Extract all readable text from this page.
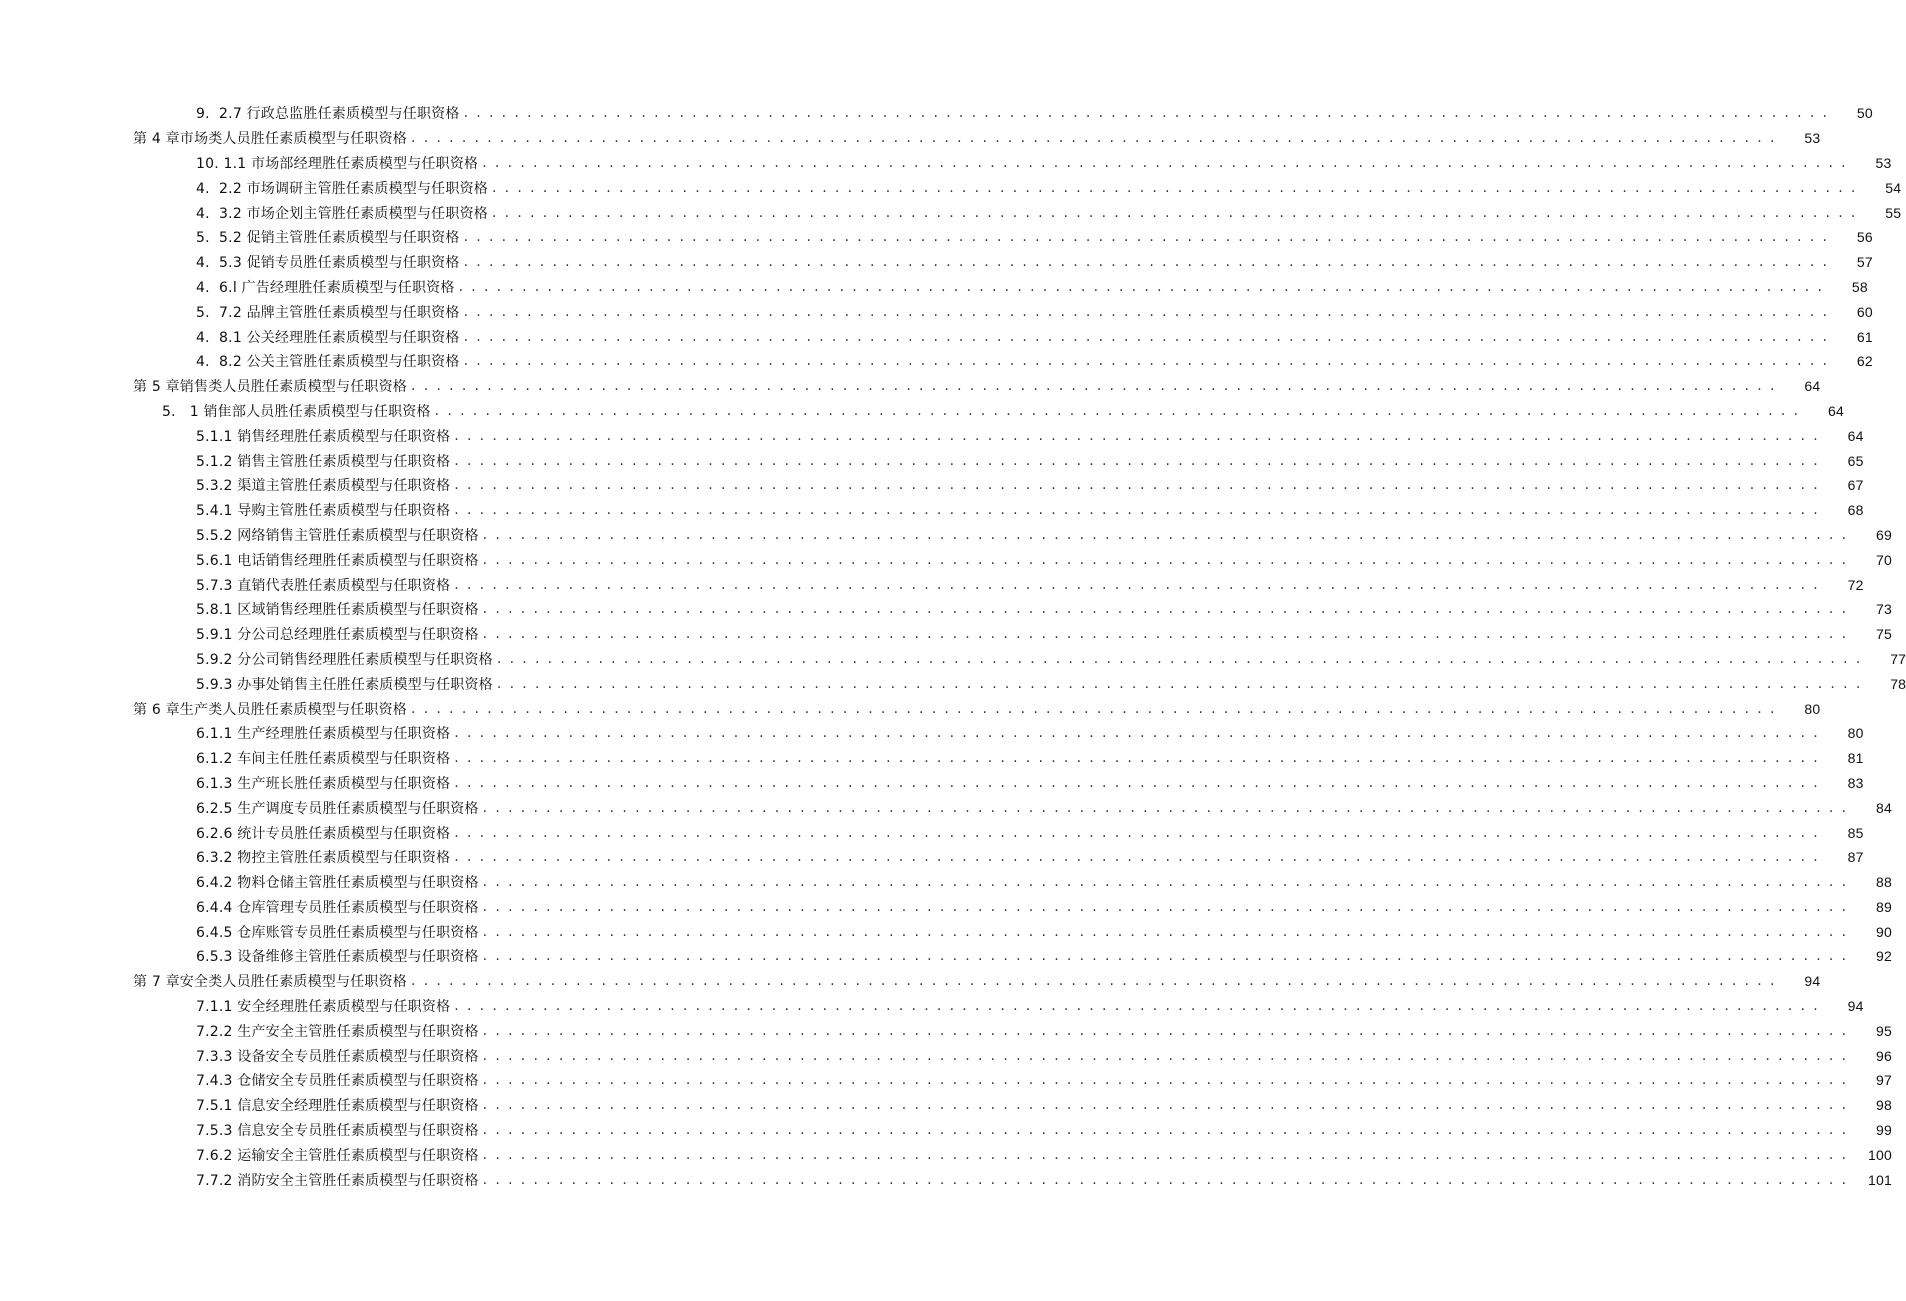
9.  2.7 行政总监胜任素质模型与任职资格 . . . . . . . . . . . . . . . . . . . . . . . . . . . . . . . . . . . . . . . . . . . . . . . . . . . . . . . . . . . . . . . . . . . . . . . . . . . . . . . . . . . . . . . . . . . . . . . . . . . . . . . . . . . .	50
第 4 章市场类人员胜任素质模型与任职资格 . . . . . . . . . . . . . . . . . . . . . . . . . . . . . . . . . . . . . . . . . . . . . . . . . . . . . . . . . . . . . . . . . . . . . . . . . . . . . . . . . . . . . . . . . . . . . . . . . . . . . . . . . . . .	53
10. 1.1 市场部经理胜任素质模型与任职资格 . . . . . . . . . . . . . . . . . . . . . . . . . . . . . . . . . . . . . . . . . . . . . . . . . . . . . . . . . . . . . . . . . . . . . . . . . . . . . . . . . . . . . . . . . . . . . . . . . . . . . . . . . . . .	53
4.  2.2 市场调研主管胜任素质模型与任职资格 . . . . . . . . . . . . . . . . . . . . . . . . . . . . . . . . . . . . . . . . . . . . . . . . . . . . . . . . . . . . . . . . . . . . . . . . . . . . . . . . . . . . . . . . . . . . . . . . . . . . . . . . . . . .	54
4.  3.2 市场企划主管胜任素质模型与任职资格 . . . . . . . . . . . . . . . . . . . . . . . . . . . . . . . . . . . . . . . . . . . . . . . . . . . . . . . . . . . . . . . . . . . . . . . . . . . . . . . . . . . . . . . . . . . . . . . . . . . . . . . . . . . .	55
5.  5.2 促销主管胜任素质模型与任职资格 . . . . . . . . . . . . . . . . . . . . . . . . . . . . . . . . . . . . . . . . . . . . . . . . . . . . . . . . . . . . . . . . . . . . . . . . . . . . . . . . . . . . . . . . . . . . . . . . . . . . . . . . . . . .	56
4.  5.3 促销专员胜任素质模型与任职资格 . . . . . . . . . . . . . . . . . . . . . . . . . . . . . . . . . . . . . . . . . . . . . . . . . . . . . . . . . . . . . . . . . . . . . . . . . . . . . . . . . . . . . . . . . . . . . . . . . . . . . . . . . . . .	57
4.  6.l 广告经理胜任素质模型与任职资格 . . . . . . . . . . . . . . . . . . . . . . . . . . . . . . . . . . . . . . . . . . . . . . . . . . . . . . . . . . . . . . . . . . . . . . . . . . . . . . . . . . . . . . . . . . . . . . . . . . . . . . . . . . . .	58
5.  7.2 品牌主管胜任素质模型与任职资格 . . . . . . . . . . . . . . . . . . . . . . . . . . . . . . . . . . . . . . . . . . . . . . . . . . . . . . . . . . . . . . . . . . . . . . . . . . . . . . . . . . . . . . . . . . . . . . . . . . . . . . . . . . . .	60
4.  8.1 公关经理胜任素质模型与任职资格 . . . . . . . . . . . . . . . . . . . . . . . . . . . . . . . . . . . . . . . . . . . . . . . . . . . . . . . . . . . . . . . . . . . . . . . . . . . . . . . . . . . . . . . . . . . . . . . . . . . . . . . . . . . .	61
4.  8.2 公关主管胜任素质模型与任职资格 . . . . . . . . . . . . . . . . . . . . . . . . . . . . . . . . . . . . . . . . . . . . . . . . . . . . . . . . . . . . . . . . . . . . . . . . . . . . . . . . . . . . . . . . . . . . . . . . . . . . . . . . . . . .	62
第 5 章销售类人员胜任素质模型与任职资格 . . . . . . . . . . . . . . . . . . . . . . . . . . . . . . . . . . . . . . . . . . . . . . . . . . . . . . . . . . . . . . . . . . . . . . . . . . . . . . . . . . . . . . . . . . . . . . . . . . . . . . . . . . . .	64
5.   1 销隹部人员胜任素质模型与任职资格 . . . . . . . . . . . . . . . . . . . . . . . . . . . . . . . . . . . . . . . . . . . . . . . . . . . . . . . . . . . . . . . . . . . . . . . . . . . . . . . . . . . . . . . . . . . . . . . . . . . . . . . . . . . .	64
5.1.1 销售经理胜任素质模型与任职资格 . . . . . . . . . . . . . . . . . . . . . . . . . . . . . . . . . . . . . . . . . . . . . . . . . . . . . . . . . . . . . . . . . . . . . . . . . . . . . . . . . . . . . . . . . . . . . . . . . . . . . . . . . . . .	64
5.1.2 销售主管胜任素质模型与任职资格 . . . . . . . . . . . . . . . . . . . . . . . . . . . . . . . . . . . . . . . . . . . . . . . . . . . . . . . . . . . . . . . . . . . . . . . . . . . . . . . . . . . . . . . . . . . . . . . . . . . . . . . . . . . .	65
5.3.2 渠道主管胜任素质模型与任职资格 . . . . . . . . . . . . . . . . . . . . . . . . . . . . . . . . . . . . . . . . . . . . . . . . . . . . . . . . . . . . . . . . . . . . . . . . . . . . . . . . . . . . . . . . . . . . . . . . . . . . . . . . . . . .	67
5.4.1 导购主管胜任素质模型与任职资格 . . . . . . . . . . . . . . . . . . . . . . . . . . . . . . . . . . . . . . . . . . . . . . . . . . . . . . . . . . . . . . . . . . . . . . . . . . . . . . . . . . . . . . . . . . . . . . . . . . . . . . . . . . . .	68
5.5.2 网络销售主管胜任素质模型与任职资格 . . . . . . . . . . . . . . . . . . . . . . . . . . . . . . . . . . . . . . . . . . . . . . . . . . . . . . . . . . . . . . . . . . . . . . . . . . . . . . . . . . . . . . . . . . . . . . . . . . . . . . . . . . . .	69
5.6.1 电话销售经理胜任素质模型与任职资格 . . . . . . . . . . . . . . . . . . . . . . . . . . . . . . . . . . . . . . . . . . . . . . . . . . . . . . . . . . . . . . . . . . . . . . . . . . . . . . . . . . . . . . . . . . . . . . . . . . . . . . . . . . . .	70
5.7.3 直销代表胜任素质模型与任职资格 . . . . . . . . . . . . . . . . . . . . . . . . . . . . . . . . . . . . . . . . . . . . . . . . . . . . . . . . . . . . . . . . . . . . . . . . . . . . . . . . . . . . . . . . . . . . . . . . . . . . . . . . . . . .	72
5.8.1 区域销售经理胜任素质模型与任职资格 . . . . . . . . . . . . . . . . . . . . . . . . . . . . . . . . . . . . . . . . . . . . . . . . . . . . . . . . . . . . . . . . . . . . . . . . . . . . . . . . . . . . . . . . . . . . . . . . . . . . . . . . . . . .	73
5.9.1 分公司总经理胜任素质模型与任职资格 . . . . . . . . . . . . . . . . . . . . . . . . . . . . . . . . . . . . . . . . . . . . . . . . . . . . . . . . . . . . . . . . . . . . . . . . . . . . . . . . . . . . . . . . . . . . . . . . . . . . . . . . . . . .	75
5.9.2 分公司销售经理胜任素质模型与任职资格 . . . . . . . . . . . . . . . . . . . . . . . . . . . . . . . . . . . . . . . . . . . . . . . . . . . . . . . . . . . . . . . . . . . . . . . . . . . . . . . . . . . . . . . . . . . . . . . . . . . . . . . . . . . .	77
5.9.3 办事处销售主任胜任素质模型与任职资格 . . . . . . . . . . . . . . . . . . . . . . . . . . . . . . . . . . . . . . . . . . . . . . . . . . . . . . . . . . . . . . . . . . . . . . . . . . . . . . . . . . . . . . . . . . . . . . . . . . . . . . . . . . . .	78
第 6 章生产类人员胜任素质模型与任职资格 . . . . . . . . . . . . . . . . . . . . . . . . . . . . . . . . . . . . . . . . . . . . . . . . . . . . . . . . . . . . . . . . . . . . . . . . . . . . . . . . . . . . . . . . . . . . . . . . . . . . . . . . . . . .	80
6.1.1 生产经理胜任素质模型与任职资格 . . . . . . . . . . . . . . . . . . . . . . . . . . . . . . . . . . . . . . . . . . . . . . . . . . . . . . . . . . . . . . . . . . . . . . . . . . . . . . . . . . . . . . . . . . . . . . . . . . . . . . . . . . . .	80
6.1.2 车间主任胜任素质模型与任职资格 . . . . . . . . . . . . . . . . . . . . . . . . . . . . . . . . . . . . . . . . . . . . . . . . . . . . . . . . . . . . . . . . . . . . . . . . . . . . . . . . . . . . . . . . . . . . . . . . . . . . . . . . . . . .	81
6.1.3 生产班长胜任素质模型与任职资格 . . . . . . . . . . . . . . . . . . . . . . . . . . . . . . . . . . . . . . . . . . . . . . . . . . . . . . . . . . . . . . . . . . . . . . . . . . . . . . . . . . . . . . . . . . . . . . . . . . . . . . . . . . . .	83
6.2.5 生产调度专员胜任素质模型与任职资格 . . . . . . . . . . . . . . . . . . . . . . . . . . . . . . . . . . . . . . . . . . . . . . . . . . . . . . . . . . . . . . . . . . . . . . . . . . . . . . . . . . . . . . . . . . . . . . . . . . . . . . . . . . . .	84
6.2.6 统计专员胜任素质模型与任职资格 . . . . . . . . . . . . . . . . . . . . . . . . . . . . . . . . . . . . . . . . . . . . . . . . . . . . . . . . . . . . . . . . . . . . . . . . . . . . . . . . . . . . . . . . . . . . . . . . . . . . . . . . . . . .	85
6.3.2 物控主管胜任素质模型与任职资格 . . . . . . . . . . . . . . . . . . . . . . . . . . . . . . . . . . . . . . . . . . . . . . . . . . . . . . . . . . . . . . . . . . . . . . . . . . . . . . . . . . . . . . . . . . . . . . . . . . . . . . . . . . . .	87
6.4.2 物料仓储主管胜任素质模型与任职资格 . . . . . . . . . . . . . . . . . . . . . . . . . . . . . . . . . . . . . . . . . . . . . . . . . . . . . . . . . . . . . . . . . . . . . . . . . . . . . . . . . . . . . . . . . . . . . . . . . . . . . . . . . . . .	88
6.4.4 仓库管理专员胜任素质模型与任职资格 . . . . . . . . . . . . . . . . . . . . . . . . . . . . . . . . . . . . . . . . . . . . . . . . . . . . . . . . . . . . . . . . . . . . . . . . . . . . . . . . . . . . . . . . . . . . . . . . . . . . . . . . . . . .	89
6.4.5 仓库账管专员胜任素质模型与任职资格 . . . . . . . . . . . . . . . . . . . . . . . . . . . . . . . . . . . . . . . . . . . . . . . . . . . . . . . . . . . . . . . . . . . . . . . . . . . . . . . . . . . . . . . . . . . . . . . . . . . . . . . . . . . .	90
6.5.3 设备维修主管胜任素质模型与任职资格 . . . . . . . . . . . . . . . . . . . . . . . . . . . . . . . . . . . . . . . . . . . . . . . . . . . . . . . . . . . . . . . . . . . . . . . . . . . . . . . . . . . . . . . . . . . . . . . . . . . . . . . . . . . .	92
第 7 章安全类人员胜任素质模型与任职资格 . . . . . . . . . . . . . . . . . . . . . . . . . . . . . . . . . . . . . . . . . . . . . . . . . . . . . . . . . . . . . . . . . . . . . . . . . . . . . . . . . . . . . . . . . . . . . . . . . . . . . . . . . . . .	94
7.1.1 安全经理胜任素质模型与任职资格 . . . . . . . . . . . . . . . . . . . . . . . . . . . . . . . . . . . . . . . . . . . . . . . . . . . . . . . . . . . . . . . . . . . . . . . . . . . . . . . . . . . . . . . . . . . . . . . . . . . . . . . . . . . .	94
7.2.2 生产安全主管胜任素质模型与任职资格 . . . . . . . . . . . . . . . . . . . . . . . . . . . . . . . . . . . . . . . . . . . . . . . . . . . . . . . . . . . . . . . . . . . . . . . . . . . . . . . . . . . . . . . . . . . . . . . . . . . . . . . . . . . .	95
7.3.3 设备安全专员胜任素质模型与任职资格 . . . . . . . . . . . . . . . . . . . . . . . . . . . . . . . . . . . . . . . . . . . . . . . . . . . . . . . . . . . . . . . . . . . . . . . . . . . . . . . . . . . . . . . . . . . . . . . . . . . . . . . . . . . .	96
7.4.3 仓储安全专员胜任素质模型与任职资格 . . . . . . . . . . . . . . . . . . . . . . . . . . . . . . . . . . . . . . . . . . . . . . . . . . . . . . . . . . . . . . . . . . . . . . . . . . . . . . . . . . . . . . . . . . . . . . . . . . . . . . . . . . . .	97
7.5.1 信息安全经理胜任素质模型与任职资格 . . . . . . . . . . . . . . . . . . . . . . . . . . . . . . . . . . . . . . . . . . . . . . . . . . . . . . . . . . . . . . . . . . . . . . . . . . . . . . . . . . . . . . . . . . . . . . . . . . . . . . . . . . . .	98
7.5.3 信息安全专员胜任素质模型与任职资格 . . . . . . . . . . . . . . . . . . . . . . . . . . . . . . . . . . . . . . . . . . . . . . . . . . . . . . . . . . . . . . . . . . . . . . . . . . . . . . . . . . . . . . . . . . . . . . . . . . . . . . . . . . . .	99
7.6.2 运输安全主管胜任素质模型与任职资格 . . . . . . . . . . . . . . . . . . . . . . . . . . . . . . . . . . . . . . . . . . . . . . . . . . . . . . . . . . . . . . . . . . . . . . . . . . . . . . . . . . . . . . . . . . . . . . . . . . . . . . . . . . . .	100
7.7.2 消防安全主管胜任素质模型与任职资格 . . . . . . . . . . . . . . . . . . . . . . . . . . . . . . . . . . . . . . . . . . . . . . . . . . . . . . . . . . . . . . . . . . . . . . . . . . . . . . . . . . . . . . . . . . . . . . . . . . . . . . . . . . . .	101
